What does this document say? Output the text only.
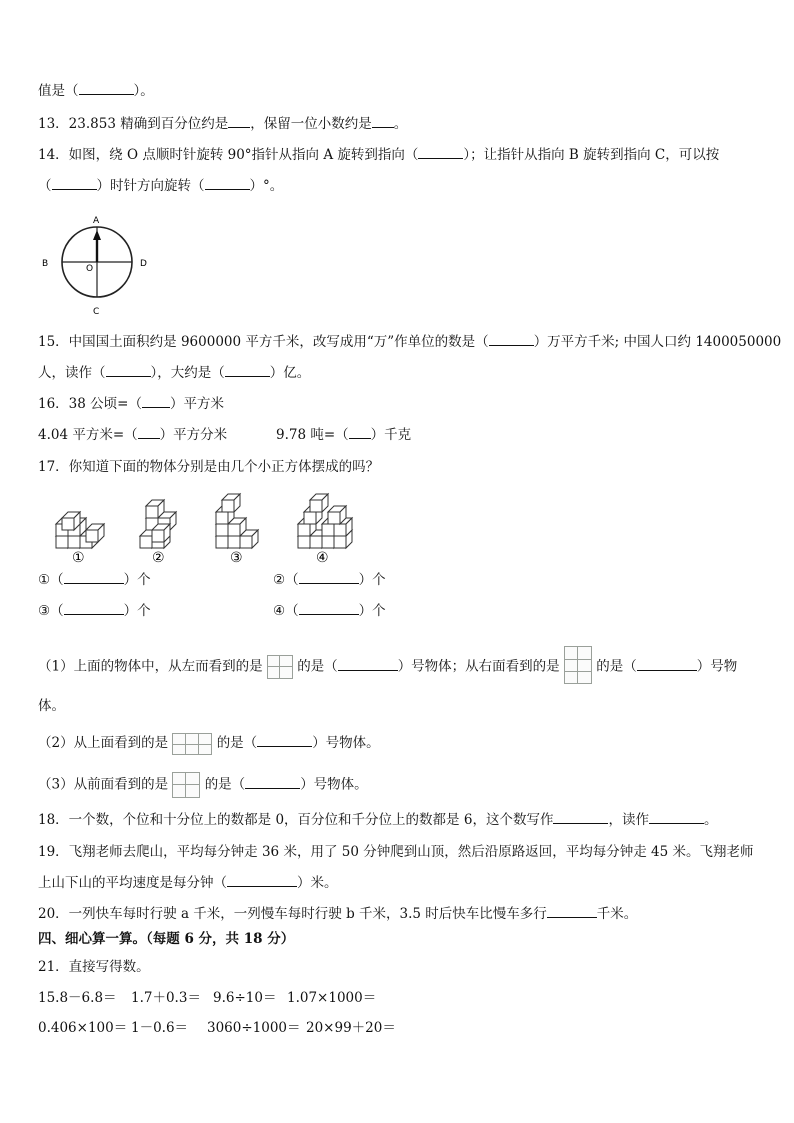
值是（	）。
13．23.853 精确到百分位约是 ，保留一位小数约是 。
14．如图，绕 O 点顺时针旋转 90°指针从指向 A 旋转到指向（	）；让指针从指向 B 旋转到指向 C，可以按
（	）时针方向旋转（	）°。
A
B	O	D
C
15．中国国土面积约是 9600000 平方千米，改写成用“万”作单位的数是（	）万平方千米; 中国人口约 1400050000
人，读作（	），大约是（	）亿。
16．38 公顷=（ ）平方米
4.04 平方米=（ ）平方分米	9.78 吨=（ ）千克
17．你知道下面的物体分别是由几个小正方体摆成的吗？
①	②	③	④
①（	）个	②（	）个
③（	）个	④（	）个
（1）上面的物体中，从左而看到的是	的是（	）号物体；从右面看到的是	的是（	）号物
体。
（2）从上面看到的是	的是（	）号物体。
（3）从前面看到的是	的是（	）号物体。
18．一个数，个位和十分位上的数都是 0，百分位和千分位上的数都是 6，这个数写作	，读作	。
19．飞翔老师去爬山，平均每分钟走 36 米，用了 50 分钟爬到山顶，然后沿原路返回，平均每分钟走 45 米。飞翔老师
上山下山的平均速度是每分钟（	）米。
20．一列快车每时行驶 a 千米，一列慢车每时行驶 b 千米，3.5 时后快车比慢车多行	千米。
四、细心算一算。（每题 6 分，共 18 分）
21．直接写得数。
15.8－6.8＝ 1.7＋0.3＝ 9.6÷10＝ 1.07×1000＝
0.406×100＝ 1－0.6＝ 3060÷1000＝ 20×99＋20＝
